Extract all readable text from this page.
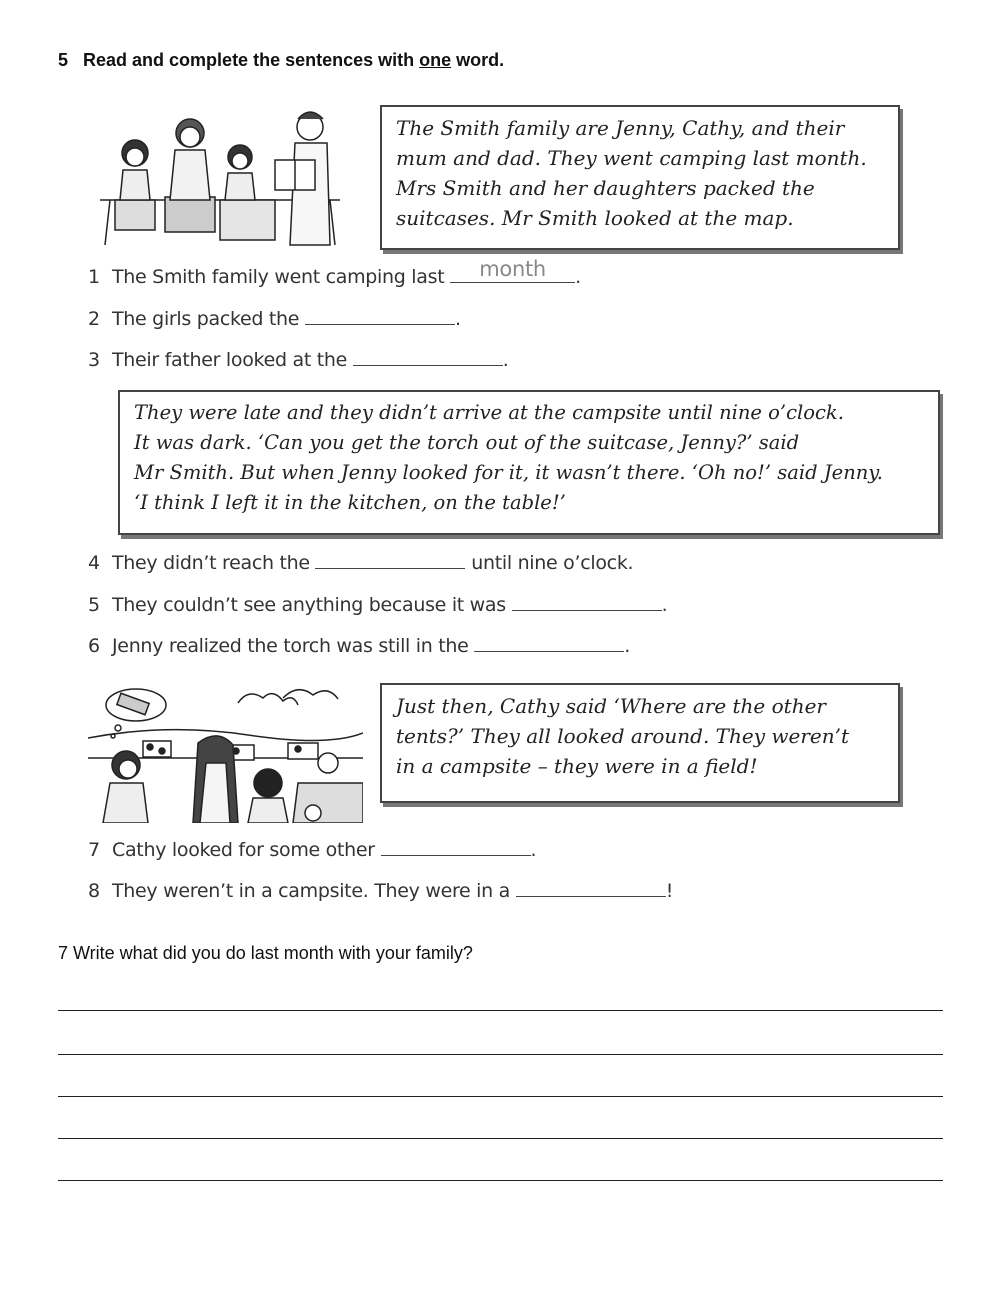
5 Read and complete the sentences with one word.

The Smith family are Jenny, Cathy, and their

mum and dad. They went camping last month.

Mrs Smith and her daughters packed the

suitcases. Mr Smith looked at the map.

1 The Smith family went camping last	month	.
2 The girls packed the	.
3 Their father looked at the	.

They were late and they didn’t arrive at the campsite until nine o’clock.

It was dark. ‘Can you get the torch out of the suitcase, Jenny?’ said

Mr Smith. But when Jenny looked for it, it wasn’t there. ‘Oh no!’ said Jenny.

‘I think I left it in the kitchen, on the table!’

4 They didn’t reach the	until nine o’clock.
5 They couldn’t see anything because it was	.
6 Jenny realized the torch was still in the	.

Just then, Cathy said ‘Where are the other

tents?’ They all looked around. They weren’t

in a campsite – they were in a field!

7 Cathy looked for some other	.
8 They weren’t in a campsite. They were in a	!
7 Write what did you do last month with your family?
